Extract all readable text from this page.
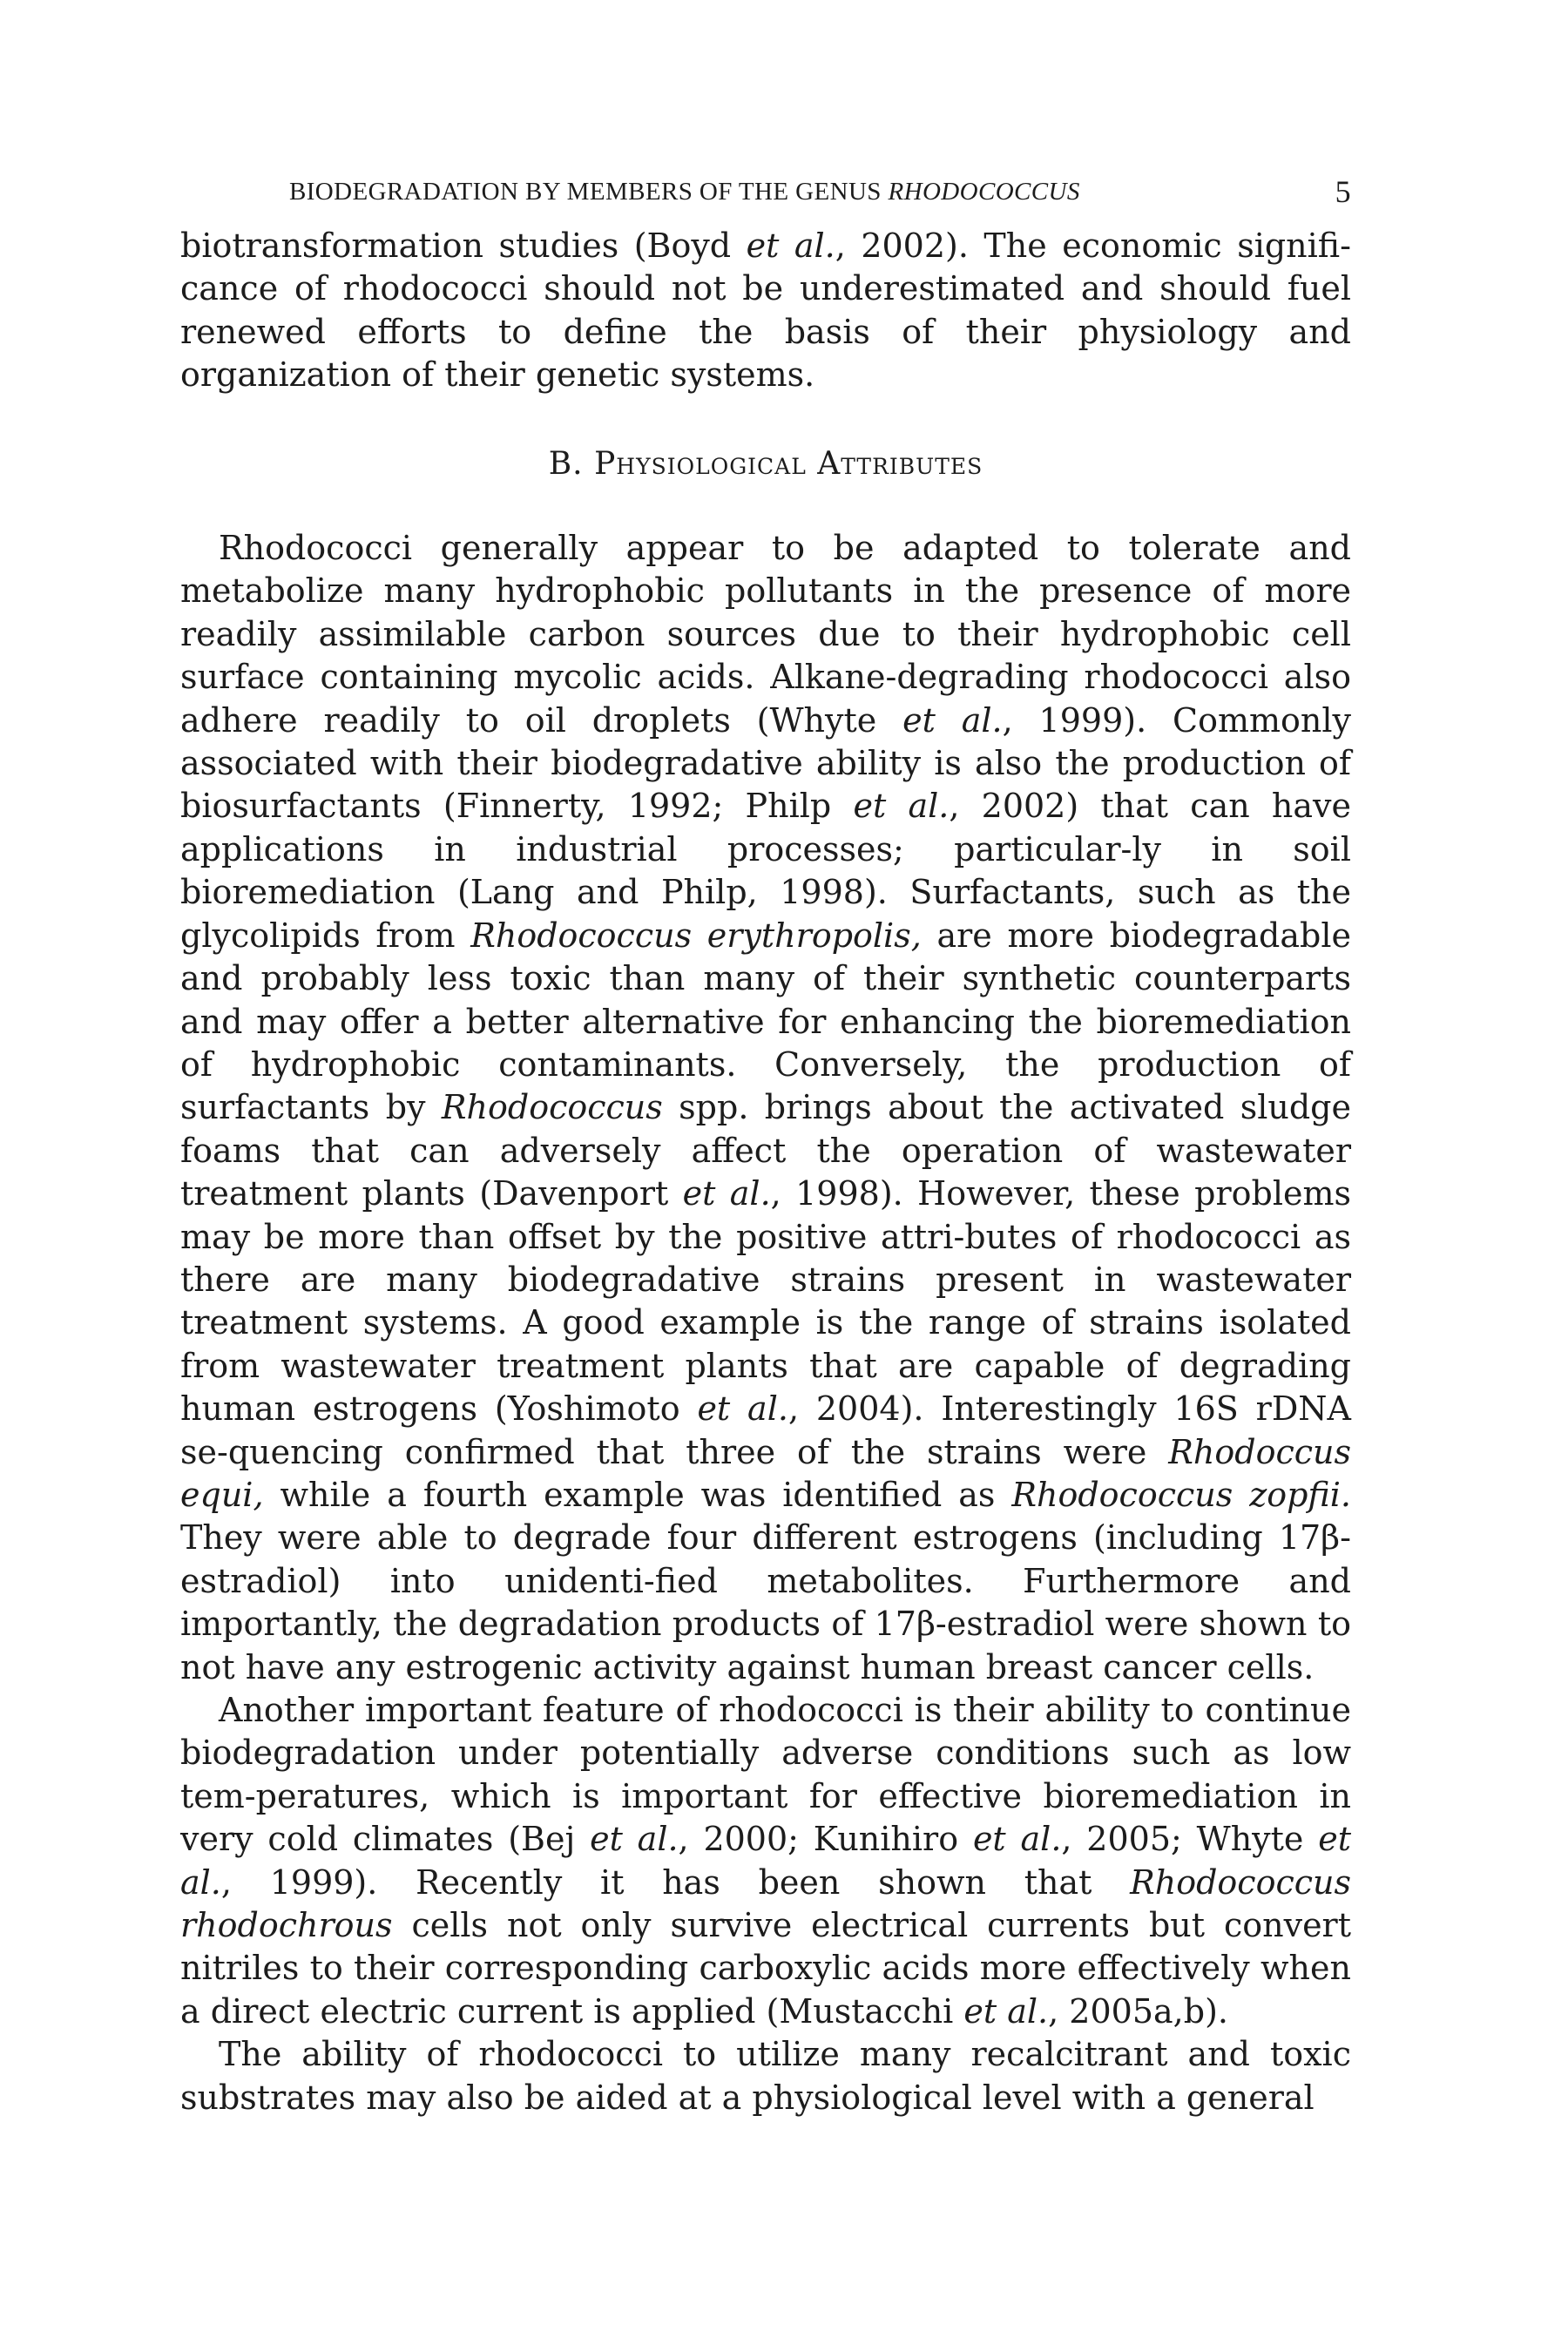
BIODEGRADATION BY MEMBERS OF THE GENUS RHODOCOCCUS	5

biotransformation studies (Boyd et al., 2002). The economic signifi-cance of rhodococci should not be underestimated and should fuel renewed efforts to define the basis of their physiology and organization of their genetic systems.

B. Physiological Attributes

Rhodococci generally appear to be adapted to tolerate and metabolize many hydrophobic pollutants in the presence of more readily assimilable carbon sources due to their hydrophobic cell surface containing mycolic acids. Alkane-degrading rhodococci also adhere readily to oil droplets (Whyte et al., 1999). Commonly associated with their biodegradative ability is also the production of biosurfactants (Finnerty, 1992; Philp et al., 2002) that can have applications in industrial processes; particular-ly in soil bioremediation (Lang and Philp, 1998). Surfactants, such as the glycolipids from Rhodococcus erythropolis, are more biodegradable and probably less toxic than many of their synthetic counterparts and may offer a better alternative for enhancing the bioremediation of hydrophobic contaminants. Conversely, the production of surfactants by Rhodococcus spp. brings about the activated sludge foams that can adversely affect the operation of wastewater treatment plants (Davenport et al., 1998). However, these problems may be more than offset by the positive attri-butes of rhodococci as there are many biodegradative strains present in wastewater treatment systems. A good example is the range of strains isolated from wastewater treatment plants that are capable of degrading human estrogens (Yoshimoto et al., 2004). Interestingly 16S rDNA se-quencing confirmed that three of the strains were Rhodoccus equi, while a fourth example was identified as Rhodococcus zopfii. They were able to degrade four different estrogens (including 17β-estradiol) into unidenti-fied metabolites. Furthermore and importantly, the degradation products of 17β-estradiol were shown to not have any estrogenic activity against human breast cancer cells.

Another important feature of rhodococci is their ability to continue biodegradation under potentially adverse conditions such as low tem-peratures, which is important for effective bioremediation in very cold climates (Bej et al., 2000; Kunihiro et al., 2005; Whyte et al., 1999). Recently it has been shown that Rhodococcus rhodochrous cells not only survive electrical currents but convert nitriles to their corresponding carboxylic acids more effectively when a direct electric current is applied (Mustacchi et al., 2005a,b).

The ability of rhodococci to utilize many recalcitrant and toxic substrates may also be aided at a physiological level with a general
